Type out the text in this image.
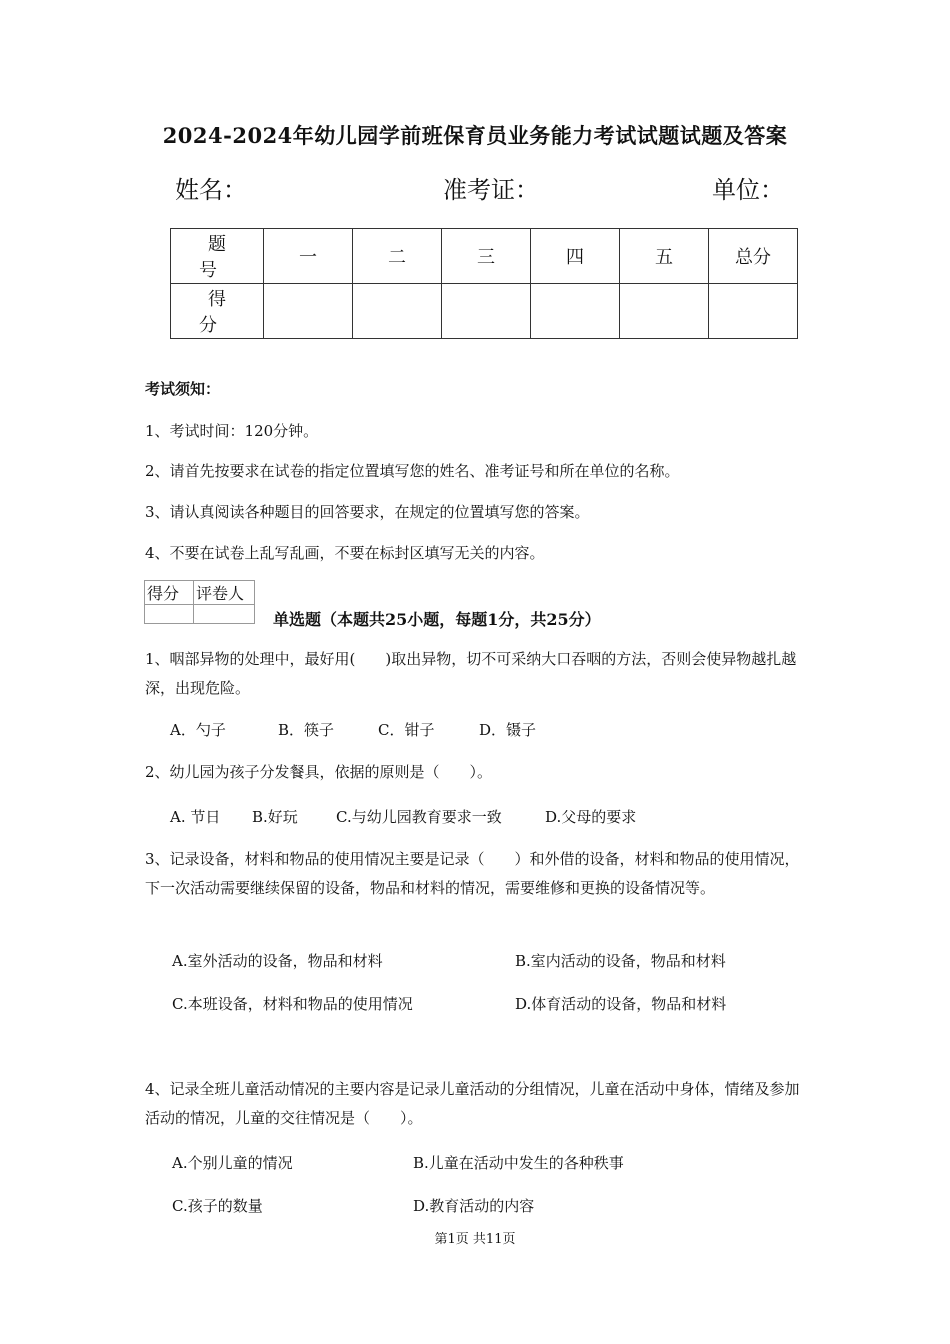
2024-2024年幼儿园学前班保育员业务能力考试试题试题及答案
姓名：	准考证：	单位：
题　号	一	二	三	四	五	总分
得　分						
考试须知：
1、考试时间：120分钟。
2、请首先按要求在试卷的指定位置填写您的姓名、准考证号和所在单位的名称。
3、请认真阅读各种题目的回答要求，在规定的位置填写您的答案。
4、不要在试卷上乱写乱画，不要在标封区填写无关的内容。
得分	评卷人

单选题（本题共25小题，每题1分，共25分）
1、咽部异物的处理中，最好用(　　)取出异物，切不可采纳大口吞咽的方法，否则会使异物越扎越深，出现危险。
A．勺子	B．筷子	C．钳子	D．镊子
2、幼儿园为孩子分发餐具，依据的原则是（　　）。
A. 节日 B.好玩	C.与幼儿园教育要求一致	D.父母的要求
3、记录设备，材料和物品的使用情况主要是记录（　　）和外借的设备，材料和物品的使用情况，下一次活动需要继续保留的设备，物品和材料的情况，需要维修和更换的设备情况等。
A.室外活动的设备，物品和材料	B.室内活动的设备，物品和材料
C.本班设备，材料和物品的使用情况	D.体育活动的设备，物品和材料
4、记录全班儿童活动情况的主要内容是记录儿童活动的分组情况，儿童在活动中身体，情绪及参加活动的情况，儿童的交往情况是（　　）。
A.个别儿童的情况	B.儿童在活动中发生的各种秩事
C.孩子的数量	D.教育活动的内容
第1页 共11页
